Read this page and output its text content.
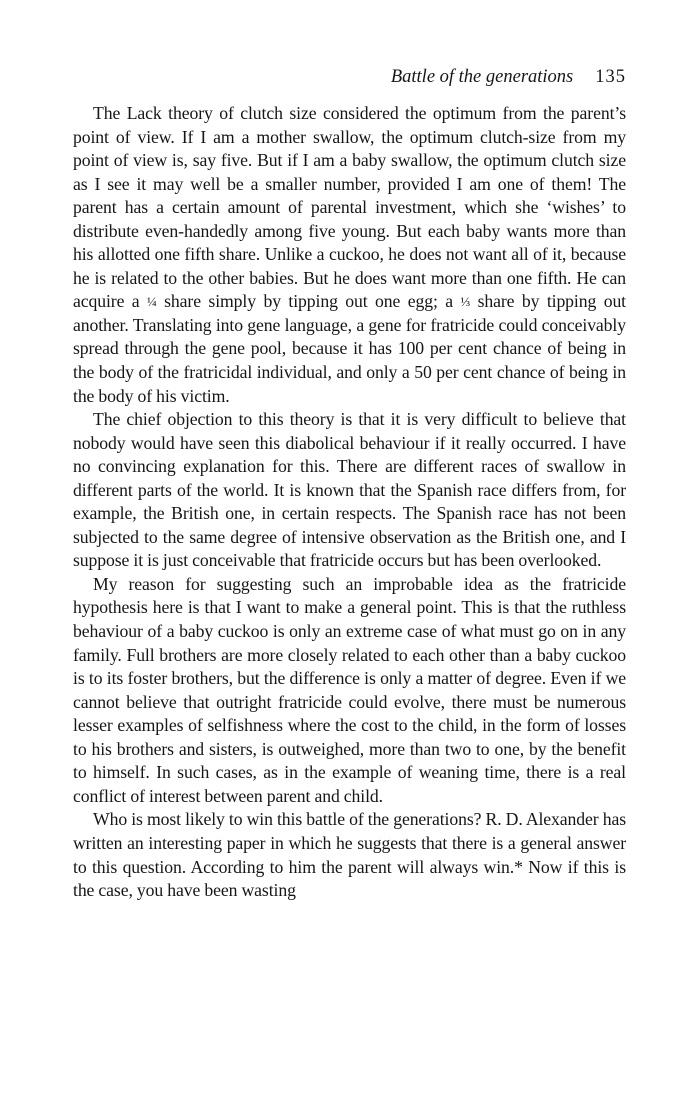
Battle of the generations 135

The Lack theory of clutch size considered the optimum from the parent’s point of view. If I am a mother swallow, the optimum clutch-size from my point of view is, say five. But if I am a baby swallow, the optimum clutch size as I see it may well be a smaller number, provided I am one of them! The parent has a certain amount of parental investment, which she ‘wishes’ to distribute even-handedly among five young. But each baby wants more than his allotted one fifth share. Unlike a cuckoo, he does not want all of it, because he is related to the other babies. But he does want more than one fifth. He can acquire a ¼ share simply by tipping out one egg; a ⅓ share by tipping out another. Translating into gene language, a gene for fratricide could conceivably spread through the gene pool, because it has 100 per cent chance of being in the body of the fratricidal individual, and only a 50 per cent chance of being in the body of his victim.

The chief objection to this theory is that it is very difficult to believe that nobody would have seen this diabolical behaviour if it really occurred. I have no convincing explanation for this. There are different races of swallow in different parts of the world. It is known that the Spanish race differs from, for example, the British one, in certain respects. The Spanish race has not been subjected to the same degree of intensive observation as the British one, and I suppose it is just conceivable that fratricide occurs but has been overlooked.

My reason for suggesting such an improbable idea as the fratricide hypothesis here is that I want to make a general point. This is that the ruthless behaviour of a baby cuckoo is only an extreme case of what must go on in any family. Full brothers are more closely related to each other than a baby cuckoo is to its foster brothers, but the difference is only a matter of degree. Even if we cannot believe that outright fratricide could evolve, there must be numerous lesser examples of selfishness where the cost to the child, in the form of losses to his brothers and sisters, is outweighed, more than two to one, by the benefit to himself. In such cases, as in the example of weaning time, there is a real conflict of interest between parent and child.

Who is most likely to win this battle of the generations? R. D. Alexander has written an interesting paper in which he suggests that there is a general answer to this question. According to him the parent will always win.* Now if this is the case, you have been wasting
